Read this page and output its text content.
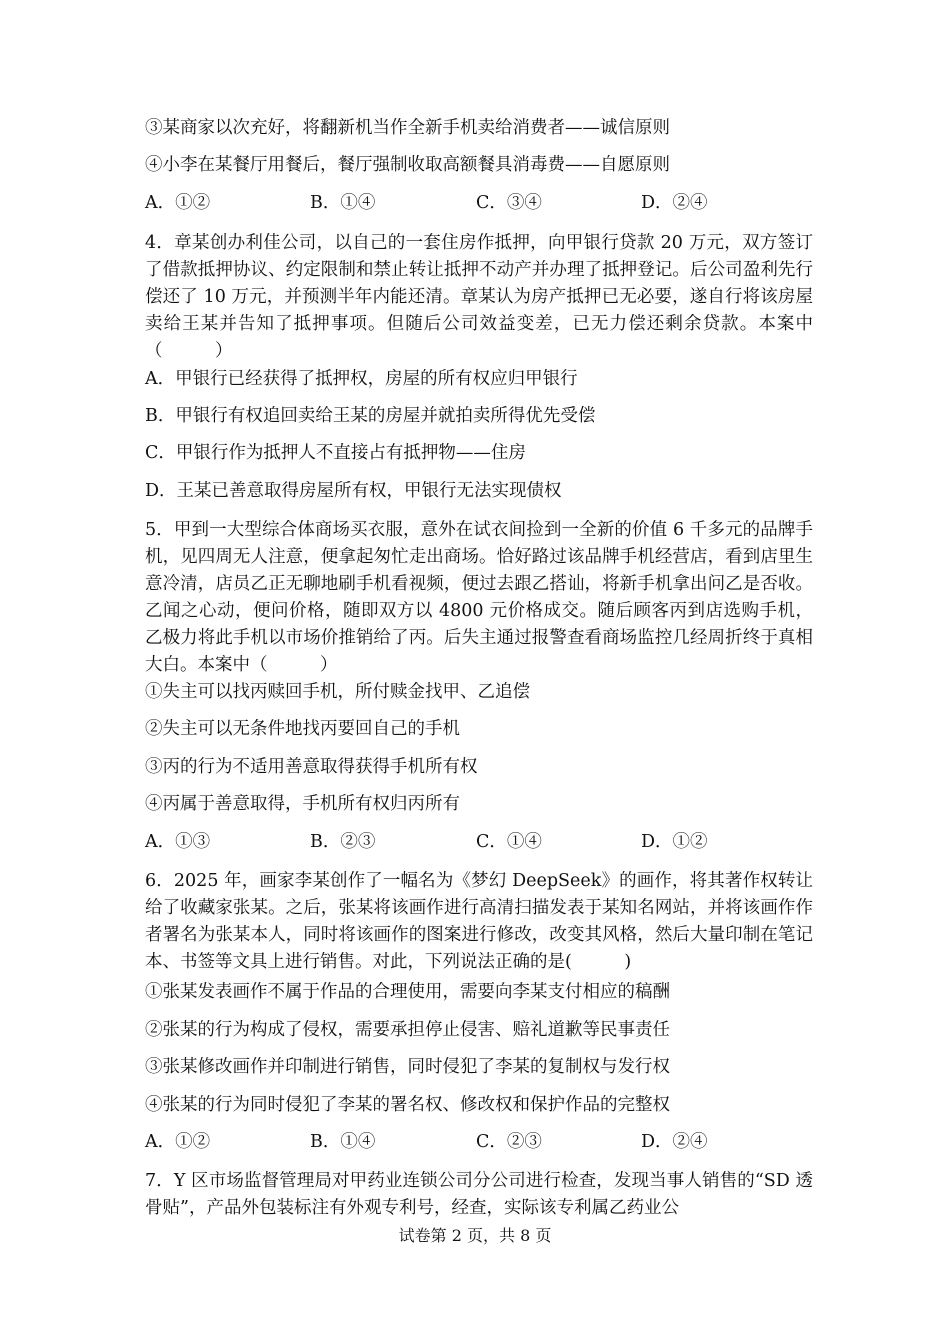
③某商家以次充好，将翻新机当作全新手机卖给消费者——诚信原则
④小李在某餐厅用餐后，餐厅强制收取高额餐具消毒费——自愿原则
A．①②	B．①④	C．③④	D．②④
4．章某创办利佳公司，以自己的一套住房作抵押，向甲银行贷款 20 万元，双方签订了借款抵押协议、约定限制和禁止转让抵押不动产并办理了抵押登记。后公司盈利先行偿还了 10 万元，并预测半年内能还清。章某认为房产抵押已无必要，遂自行将该房屋卖给王某并告知了抵押事项。但随后公司效益变差，已无力偿还剩余贷款。本案中（　　　）
A．甲银行已经获得了抵押权，房屋的所有权应归甲银行
B．甲银行有权追回卖给王某的房屋并就拍卖所得优先受偿
C．甲银行作为抵押人不直接占有抵押物——住房
D．王某已善意取得房屋所有权，甲银行无法实现债权
5．甲到一大型综合体商场买衣服，意外在试衣间捡到一全新的价值 6 千多元的品牌手机，见四周无人注意，便拿起匆忙走出商场。恰好路过该品牌手机经营店，看到店里生意冷清，店员乙正无聊地刷手机看视频，便过去跟乙搭讪，将新手机拿出问乙是否收。乙闻之心动，便问价格，随即双方以 4800 元价格成交。随后顾客丙到店选购手机，乙极力将此手机以市场价推销给了丙。后失主通过报警查看商场监控几经周折终于真相大白。本案中（　　　）
①失主可以找丙赎回手机，所付赎金找甲、乙追偿
②失主可以无条件地找丙要回自己的手机
③丙的行为不适用善意取得获得手机所有权
④丙属于善意取得，手机所有权归丙所有
A．①③	B．②③	C．①④	D．①②
6．2025 年，画家李某创作了一幅名为《梦幻 DeepSeek》的画作，将其著作权转让给了收藏家张某。之后，张某将该画作进行高清扫描发表于某知名网站，并将该画作作者署名为张某本人，同时将该画作的图案进行修改，改变其风格，然后大量印制在笔记本、书签等文具上进行销售。对此，下列说法正确的是(　　　)
①张某发表画作不属于作品的合理使用，需要向李某支付相应的稿酬
②张某的行为构成了侵权，需要承担停止侵害、赔礼道歉等民事责任
③张某修改画作并印制进行销售，同时侵犯了李某的复制权与发行权
④张某的行为同时侵犯了李某的署名权、修改权和保护作品的完整权
A．①②	B．①④	C．②③	D．②④
7．Y 区市场监督管理局对甲药业连锁公司分公司进行检查，发现当事人销售的“SD 透骨贴”，产品外包装标注有外观专利号，经查，实际该专利属乙药业公
试卷第 2 页，共 8 页
